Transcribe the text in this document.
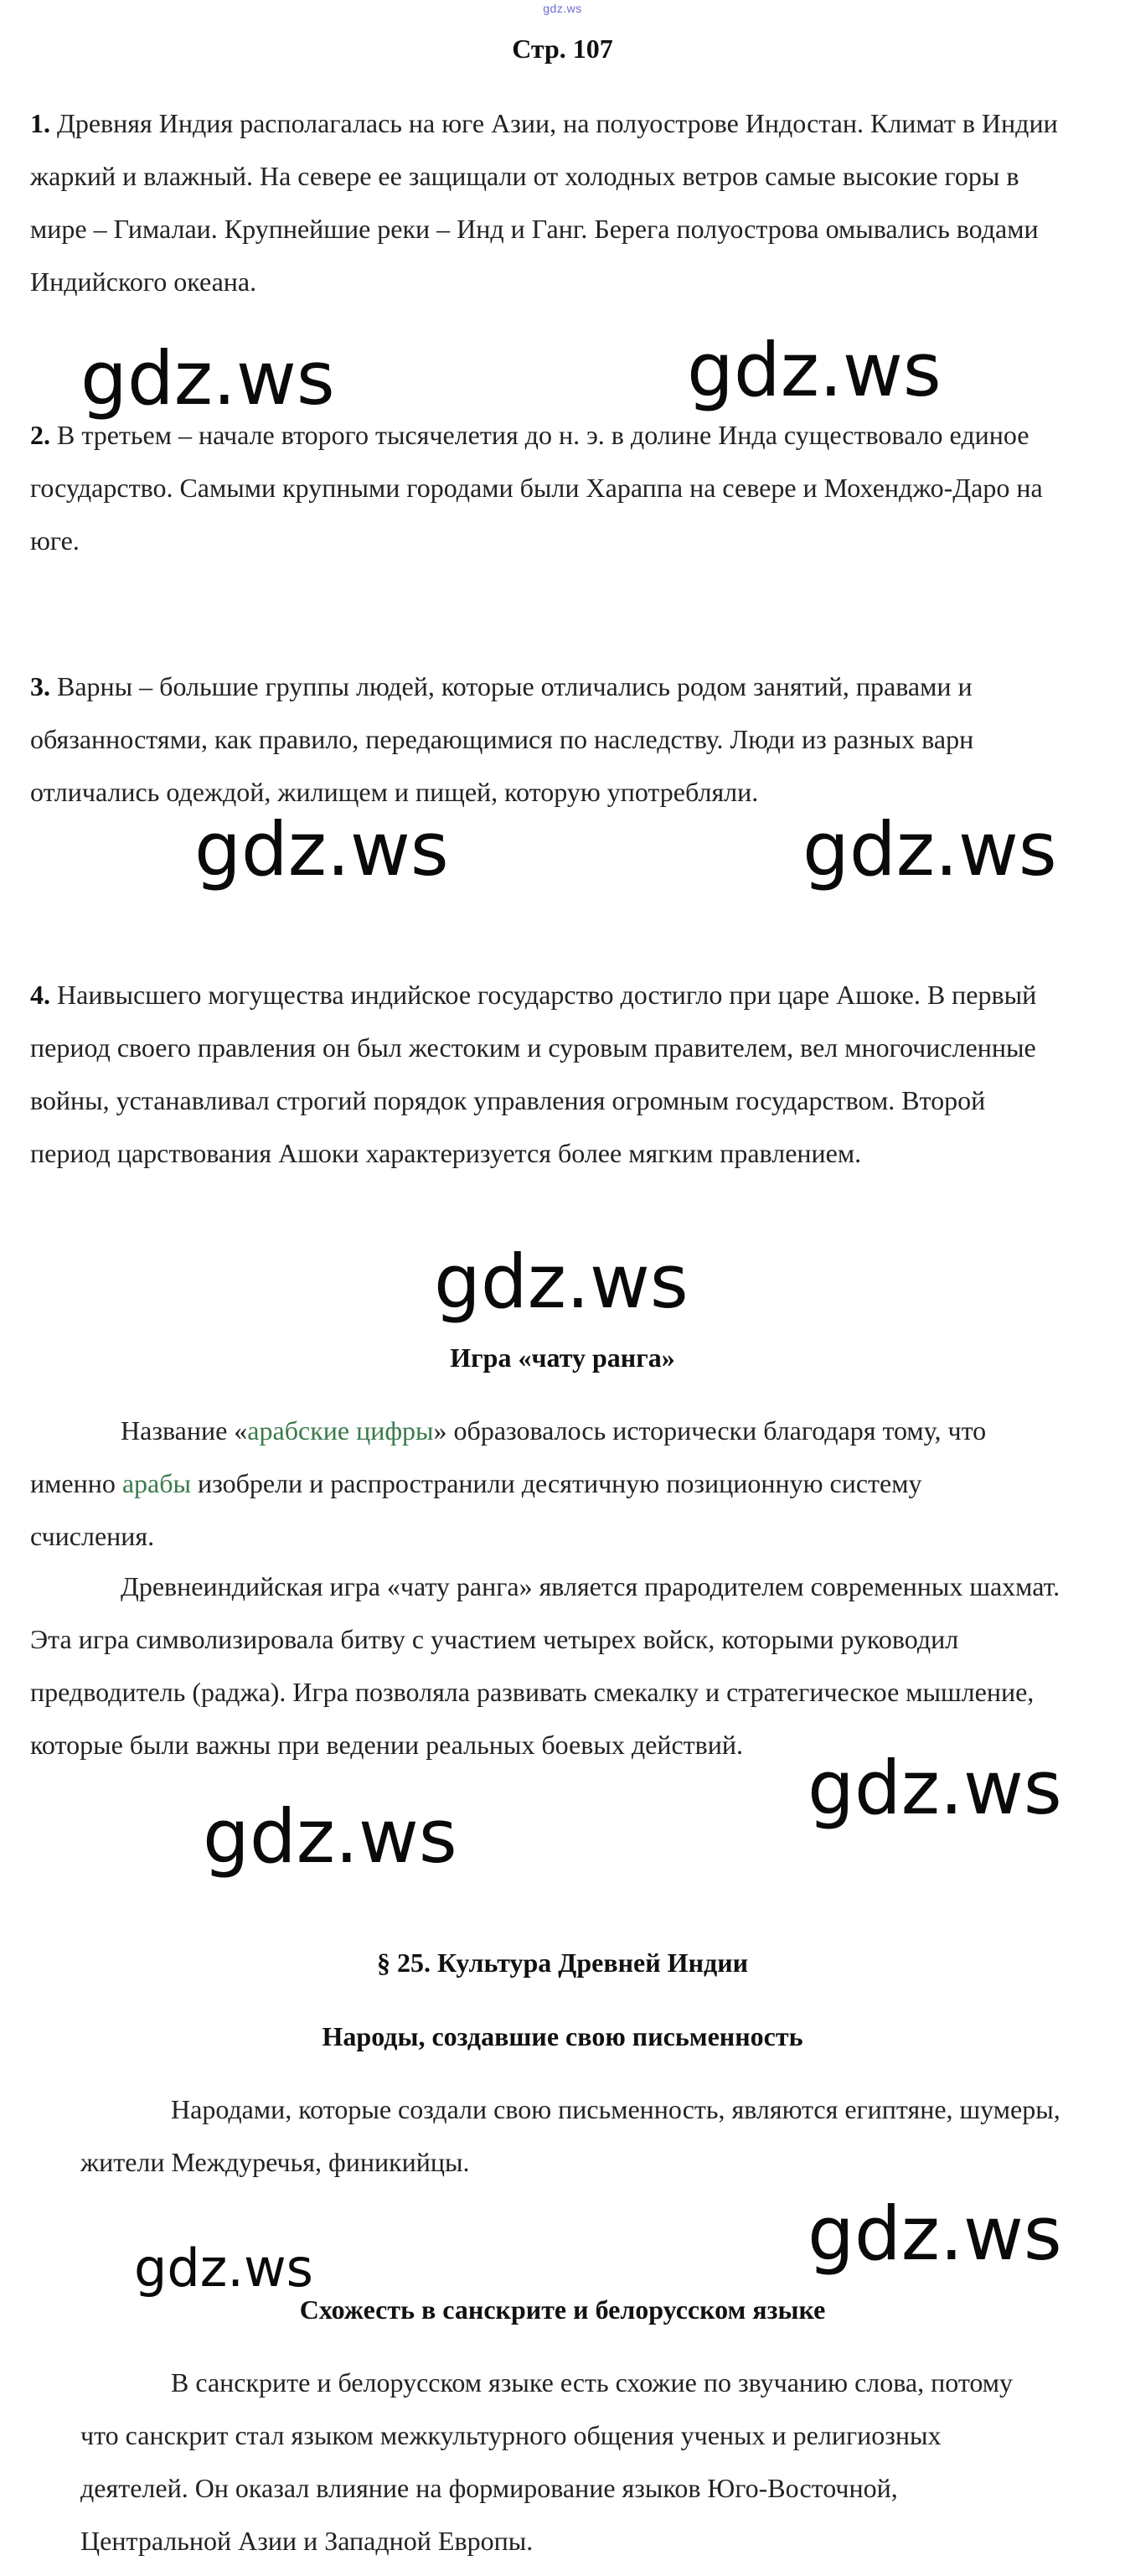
gdz.ws
Стр. 107
1. Древняя Индия располагалась на юге Азии, на полуострове Индостан. Климат в Индии жаркий и влажный. На севере ее защищали от холодных ветров самые высокие горы в мире – Гималаи. Крупнейшие реки – Инд и Ганг. Берега полуострова омывались водами Индийского океана.
2. В третьем – начале второго тысячелетия до н. э. в долине Инда существовало единое государство. Самыми крупными городами были Хараппа на севере и Мохенджо-Даро на юге.
3. Варны – большие группы людей, которые отличались родом занятий, правами и обязанностями, как правило, передающимися по наследству. Люди из разных варн отличались одеждой, жилищем и пищей, которую употребляли.
4. Наивысшего могущества индийское государство достигло при царе Ашоке. В первый период своего правления он был жестоким и суровым правителем, вел многочисленные войны, устанавливал строгий порядок управления огромным государством. Второй период царствования Ашоки характеризуется более мягким правлением.
Игра «чату ранга»
Название «арабские цифры» образовалось исторически благодаря тому, что именно арабы изобрели и распространили десятичную позиционную систему счисления.
Древнеиндийская игра «чату ранга» является прародителем современных шахмат. Эта игра символизировала битву с участием четырех войск, которыми руководил предводитель (раджа). Игра позволяла развивать смекалку и стратегическое мышление, которые были важны при ведении реальных боевых действий.
§ 25. Культура Древней Индии
Народы, создавшие свою письменность
Народами, которые создали свою письменность, являются египтяне, шумеры, жители Междуречья, финикийцы.
Схожесть в санскрите и белорусском языке
В санскрите и белорусском языке есть схожие по звучанию слова, потому что санскрит стал языком межкультурного общения ученых и религиозных деятелей. Он оказал влияние на формирование языков Юго-Восточной, Центральной Азии и Западной Европы.
gdz.ws	gdz.ws
gdz.ws	gdz.ws
gdz.ws
gdz.ws
gdz.ws
gdz.ws
gdz.ws
